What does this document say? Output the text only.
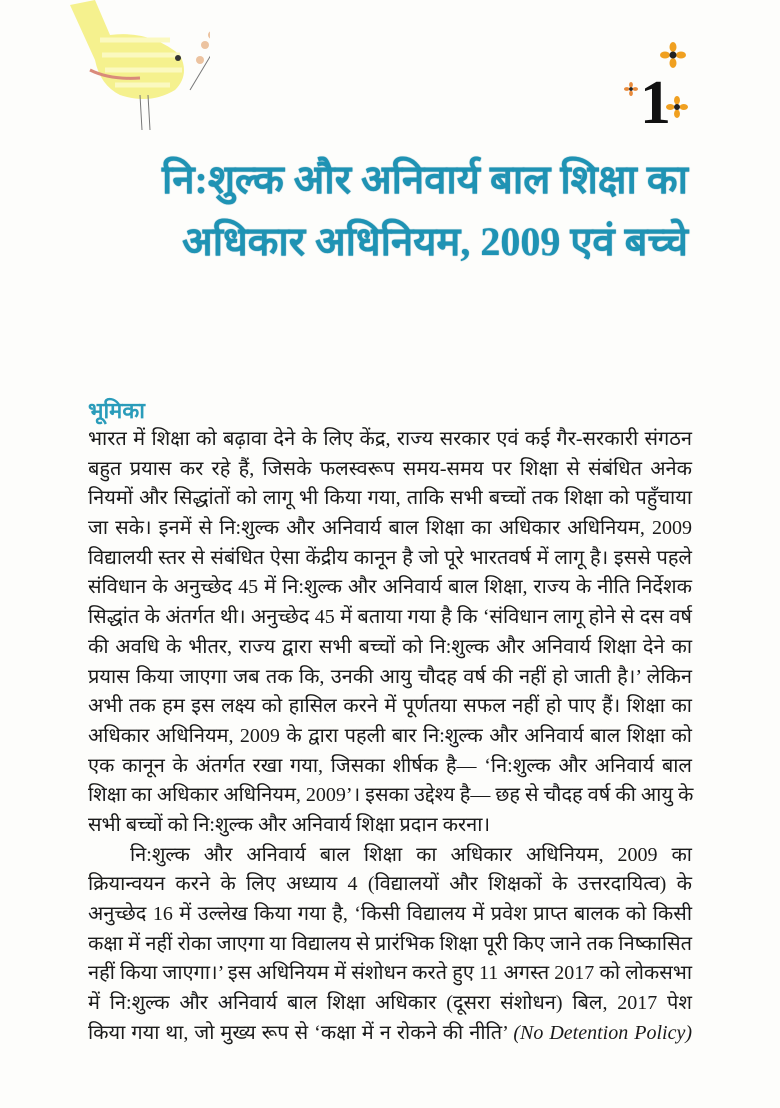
1
नि:शुल्क और अनिवार्य बाल शिक्षा का
अधिकार अधिनियम, 2009 एवं बच्चे
भूमिका
भारत में शिक्षा को बढ़ावा देने के लिए केंद्र, राज्य सरकार एवं कई गैर-सरकारी संगठन
बहुत प्रयास कर रहे हैं, जिसके फलस्वरूप समय-समय पर शिक्षा से संबंधित अनेक
नियमों और सिद्धांतों को लागू भी किया गया, ताकि सभी बच्चों तक शिक्षा को पहुँचाया
जा सके। इनमें से नि:शुल्क और अनिवार्य बाल शिक्षा का अधिकार अधिनियम, 2009
विद्यालयी स्तर से संबंधित ऐसा केंद्रीय कानून है जो पूरे भारतवर्ष में लागू है। इससे पहले
संविधान के अनुच्छेद 45 में नि:शुल्क और अनिवार्य बाल शिक्षा, राज्य के नीति निर्देशक
सिद्धांत के अंतर्गत थी। अनुच्छेद 45 में बताया गया है कि ‘संविधान लागू होने से दस वर्ष
की अवधि के भीतर, राज्य द्वारा सभी बच्चों को नि:शुल्क और अनिवार्य शिक्षा देने का
प्रयास किया जाएगा जब तक कि, उनकी आयु चौदह वर्ष की नहीं हो जाती है।’ लेकिन
अभी तक हम इस लक्ष्य को हासिल करने में पूर्णतया सफल नहीं हो पाए हैं। शिक्षा का
अधिकार अधिनियम, 2009 के द्वारा पहली बार नि:शुल्क और अनिवार्य बाल शिक्षा को
एक कानून के अंतर्गत रखा गया, जिसका शीर्षक है— ‘नि:शुल्क और अनिवार्य बाल
शिक्षा का अधिकार अधिनियम, 2009’। इसका उद्देश्य है— छह से चौदह वर्ष की आयु के
सभी बच्चों को नि:शुल्क और अनिवार्य शिक्षा प्रदान करना।
नि:शुल्क और अनिवार्य बाल शिक्षा का अधिकार अधिनियम, 2009 का
क्रियान्वयन करने के लिए अध्याय 4 (विद्यालयों और शिक्षकों के उत्तरदायित्व) के
अनुच्छेद 16 में उल्लेख किया गया है, ‘किसी विद्यालय में प्रवेश प्राप्त बालक को किसी
कक्षा में नहीं रोका जाएगा या विद्यालय से प्रारंभिक शिक्षा पूरी किए जाने तक निष्कासित
नहीं किया जाएगा।’ इस अधिनियम में संशोधन करते हुए 11 अगस्त 2017 को लोकसभा
में नि:शुल्क और अनिवार्य बाल शिक्षा अधिकार (दूसरा संशोधन) बिल, 2017 पेश
किया गया था, जो मुख्य रूप से ‘कक्षा में न रोकने की नीति’ (No Detention Policy)
